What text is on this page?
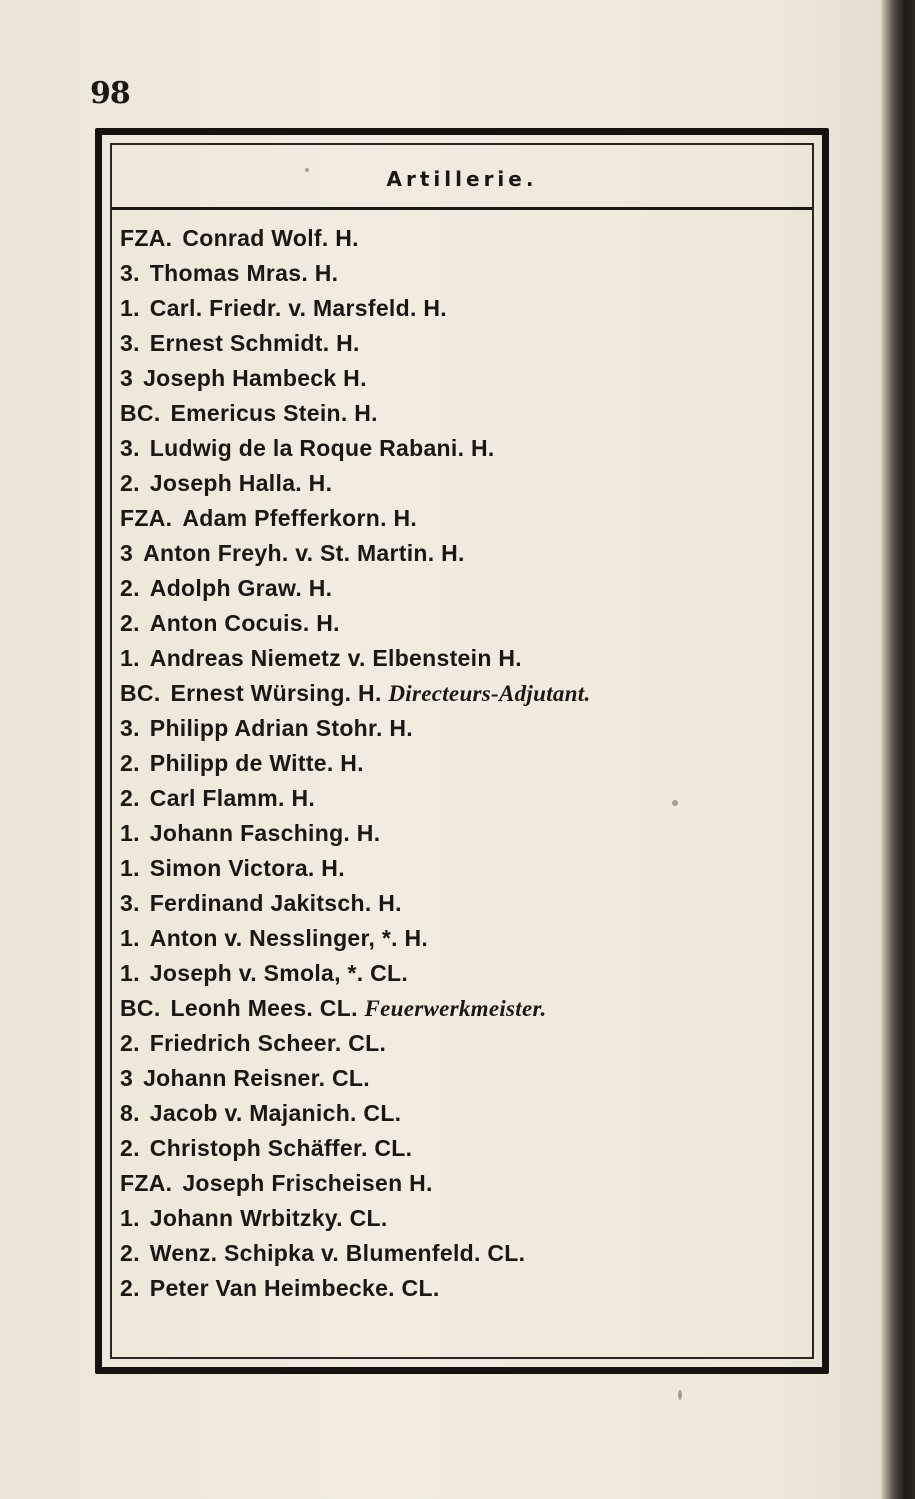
98
Artillerie.
FZA. Conrad Wolf. H.
3. Thomas Mras. H.
1. Carl. Friedr. v. Marsfeld. H.
3. Ernest Schmidt. H.
3 Joseph Hambeck H.
BC. Emericus Stein. H.
3. Ludwig de la Roque Rabani. H.
2. Joseph Halla. H.
FZA. Adam Pfefferkorn. H.
3 Anton Freyh. v. St. Martin. H.
2. Adolph Graw. H.
2. Anton Cocuis. H.
1. Andreas Niemetz v. Elbenstein H.
BC. Ernest Würsing. H. Directeurs-Adjutant.
3. Philipp Adrian Stohr. H.
2. Philipp de Witte. H.
2. Carl Flamm. H.
1. Johann Fasching. H.
1. Simon Victora. H.
3. Ferdinand Jakitsch. H.
1. Anton v. Nesslinger, *. H.
1. Joseph v. Smola, *. CL.
BC. Leonh Mees. CL. Feuerwerkmeister.
2. Friedrich Scheer. CL.
3 Johann Reisner. CL.
8. Jacob v. Majanich. CL.
2. Christoph Schäffer. CL.
FZA. Joseph Frischeisen H.
1. Johann Wrbitzky. CL.
2. Wenz. Schipka v. Blumenfeld. CL.
2. Peter Van Heimbecke. CL.
